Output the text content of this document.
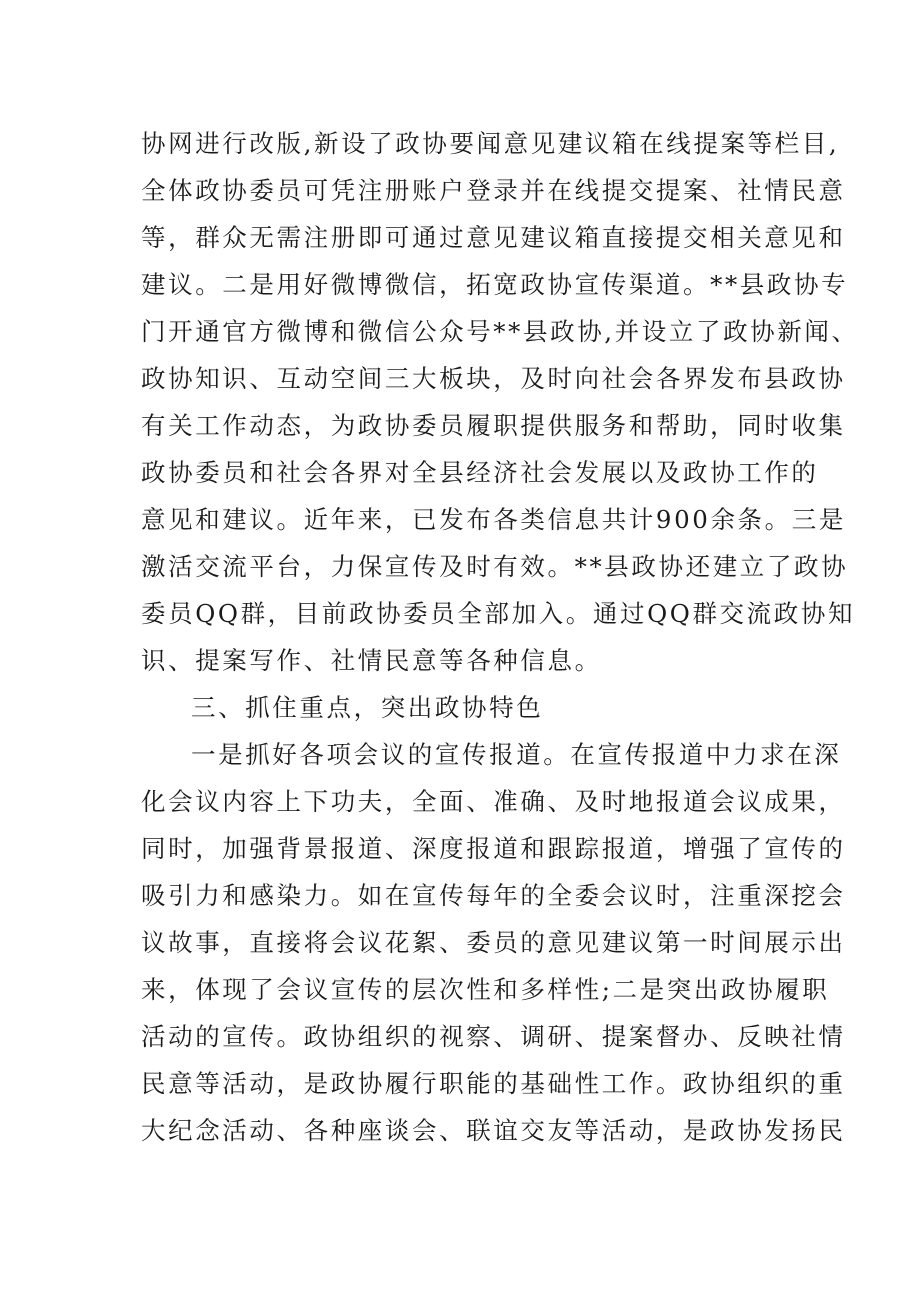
协网进行改版,新设了政协要闻意见建议箱在线提案等栏目,
全体政协委员可凭注册账户登录并在线提交提案、社情民意
等，群众无需注册即可通过意见建议箱直接提交相关意见和
建议。二是用好微博微信，拓宽政协宣传渠道。**县政协专
门开通官方微博和微信公众号**县政协,并设立了政协新闻、
政协知识、互动空间三大板块，及时向社会各界发布县政协
有关工作动态，为政协委员履职提供服务和帮助，同时收集
政协委员和社会各界对全县经济社会发展以及政协工作的
意见和建议。近年来，已发布各类信息共计900余条。三是
激活交流平台，力保宣传及时有效。**县政协还建立了政协
委员QQ群，目前政协委员全部加入。通过QQ群交流政协知
识、提案写作、社情民意等各种信息。
三、抓住重点，突出政协特色
一是抓好各项会议的宣传报道。在宣传报道中力求在深
化会议内容上下功夫，全面、准确、及时地报道会议成果，
同时，加强背景报道、深度报道和跟踪报道，增强了宣传的
吸引力和感染力。如在宣传每年的全委会议时，注重深挖会
议故事，直接将会议花絮、委员的意见建议第一时间展示出
来，体现了会议宣传的层次性和多样性;二是突出政协履职
活动的宣传。政协组织的视察、调研、提案督办、反映社情
民意等活动，是政协履行职能的基础性工作。政协组织的重
大纪念活动、各种座谈会、联谊交友等活动，是政协发扬民
